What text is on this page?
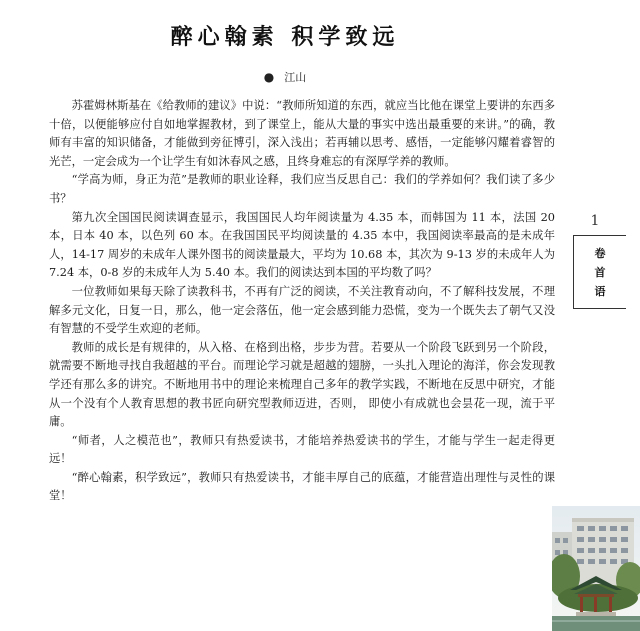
醉心翰素 积学致远
● 江山

苏霍姆林斯基在《给教师的建议》中说：“教师所知道的东西，就应当比他在课堂上要讲的东西多十倍，以便能够应付自如地掌握教材，到了课堂上，能从大量的事实中选出最重要的来讲。”的确，教师有丰富的知识储备，才能做到旁征博引，深入浅出；若再辅以思考、感悟，一定能够闪耀着睿智的光芒，一定会成为一个让学生有如沐春风之感，且终身难忘的有深厚学养的教师。

“学高为师，身正为范”是教师的职业诠释，我们应当反思自己：我们的学养如何？我们读了多少书？

第九次全国国民阅读调查显示，我国国民人均年阅读量为 4.35 本，而韩国为 11 本，法国 20 本，日本 40 本，以色列 60 本。在我国国民平均阅读量的 4.35 本中，我国阅读率最高的是未成年人，14-17 周岁的未成年人课外图书的阅读量最大，平均为 10.68 本，其次为 9-13 岁的未成年人为 7.24 本，0-8 岁的未成年人为 5.40 本。我们的阅读达到本国的平均数了吗？

一位教师如果每天除了读教科书，不再有广泛的阅读，不关注教育动向，不了解科技发展，不理解多元文化，日复一日，那么，他一定会落伍，他一定会感到能力恐慌，变为一个既失去了朝气又没有智慧的不受学生欢迎的老师。

教师的成长是有规律的，从入格、在格到出格，步步为营。若要从一个阶段飞跃到另一个阶段，就需要不断地寻找自我超越的平台。而理论学习就是超越的翅膀，一头扎入理论的海洋，你会发现教学还有那么多的讲究。不断地用书中的理论来梳理自己多年的教学实践，不断地在反思中研究，才能从一个没有个人教育思想的教书匠向研究型教师迈进，否则， 即使小有成就也会昙花一现，流于平庸。

“师者，人之模范也”，教师只有热爱读书，才能培养热爱读书的学生，才能与学生一起走得更远！

“醉心翰素，积学致远”，教师只有热爱读书，才能丰厚自己的底蕴，才能营造出理性与灵性的课堂！

1
卷
首
语
